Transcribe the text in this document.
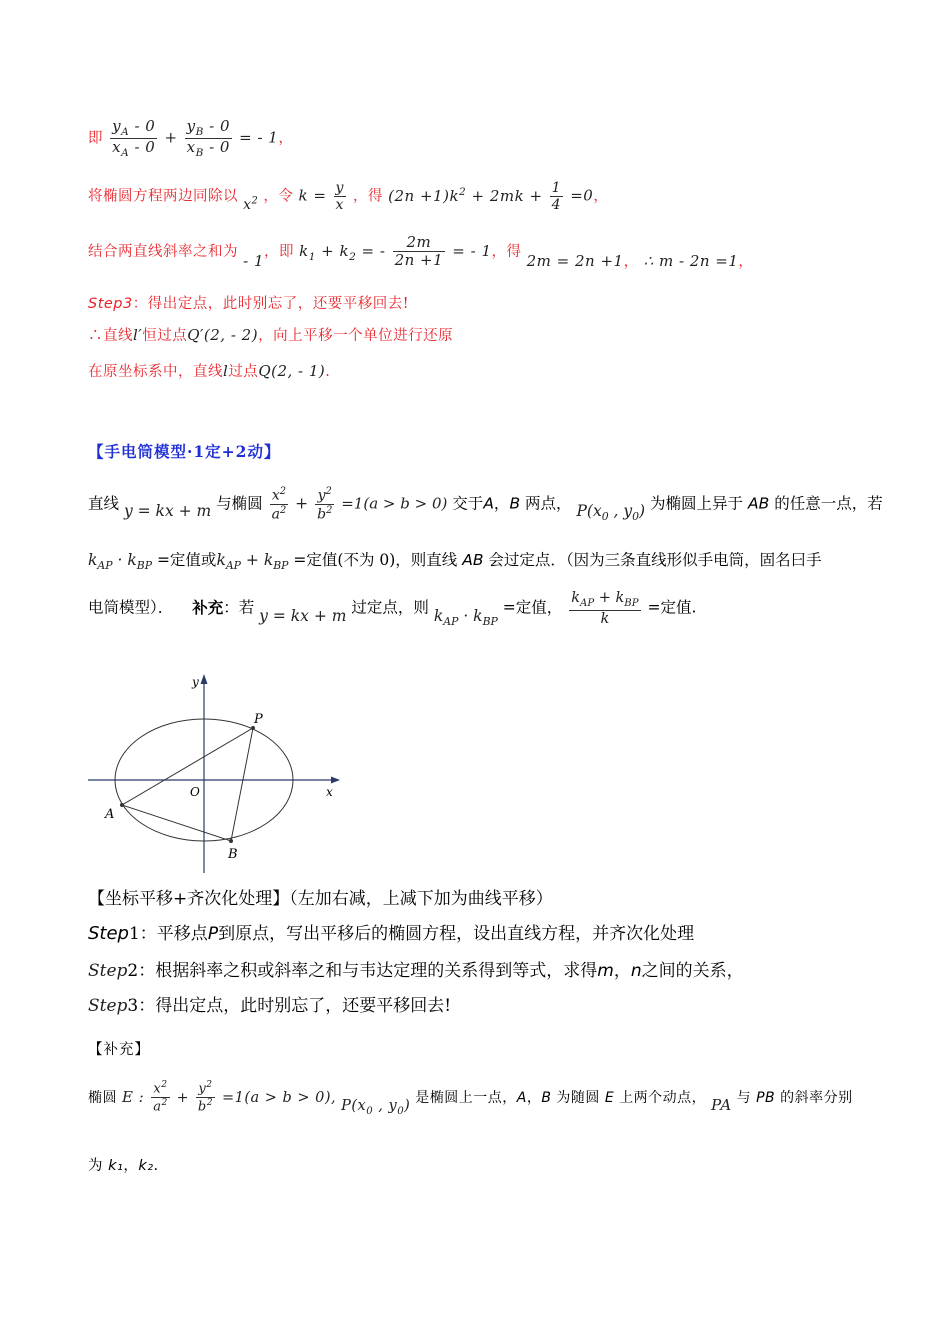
即 $\frac{y_A - 0}{x_A - 0} + \frac{y_B - 0}{x_B - 0}$ = - 1，
将椭圆方程两边同除以 $x^2$ ，令 $k = \frac{y}{x}$ ，得 $(2n +1)k^2 + 2mk + \frac{1}{4} =0$，
结合两直线斜率之和为 - 1，即 $k_1 + k_2$ = - $\frac{2m}{2n +1}$ = - 1，得 2m = 2n +1， ∴ m - 2n =1，
Step3：得出定点，此时别忘了，还要平移回去!
∴直线l′恒过点Q′(2, - 2)，向上平移一个单位进行还原
在原坐标系中，直线l过点Q(2, - 1).
【手电筒模型·1定+2动】
直线 y = kx + m 与椭圆 $\frac{x^2}{a^2} + \frac{y^2}{b^2} =1(a > b > 0)$ 交于A，B 两点， $P(x_0$ , $y_0$) 为椭圆上异于 AB 的任意一点，若
$k_{AP} \cdot k_{BP}$ =定值或$k_{AP} + k_{BP}$ =定值(不为 0)，则直线 AB 会过定点．（因为三条直线形似手电筒，固名曰手
电筒模型）． 补充：若 y = kx + m 过定点，则 $k_{AP} \cdot k_{BP}$ =定值， $\frac{k_{AP} + k_{BP}}{k}$ =定值.
y
x
O
P
A
B
【坐标平移+齐次化处理】（左加右减，上减下加为曲线平移）
Step1：平移点P到原点，写出平移后的椭圆方程，设出直线方程，并齐次化处理
Step2：根据斜率之积或斜率之和与韦达定理的关系得到等式，求得m，n之间的关系，
Step3：得出定点，此时别忘了，还要平移回去!
【补充】
椭圆 E : $\frac{x^2}{a^2} + \frac{y^2}{b^2} =1(a > b > 0)$, $P(x_0$ , $y_0$) 是椭圆上一点，A，B 为随圆 E 上两个动点， PA 与 PB 的斜率分别
为 k₁，k₂.
